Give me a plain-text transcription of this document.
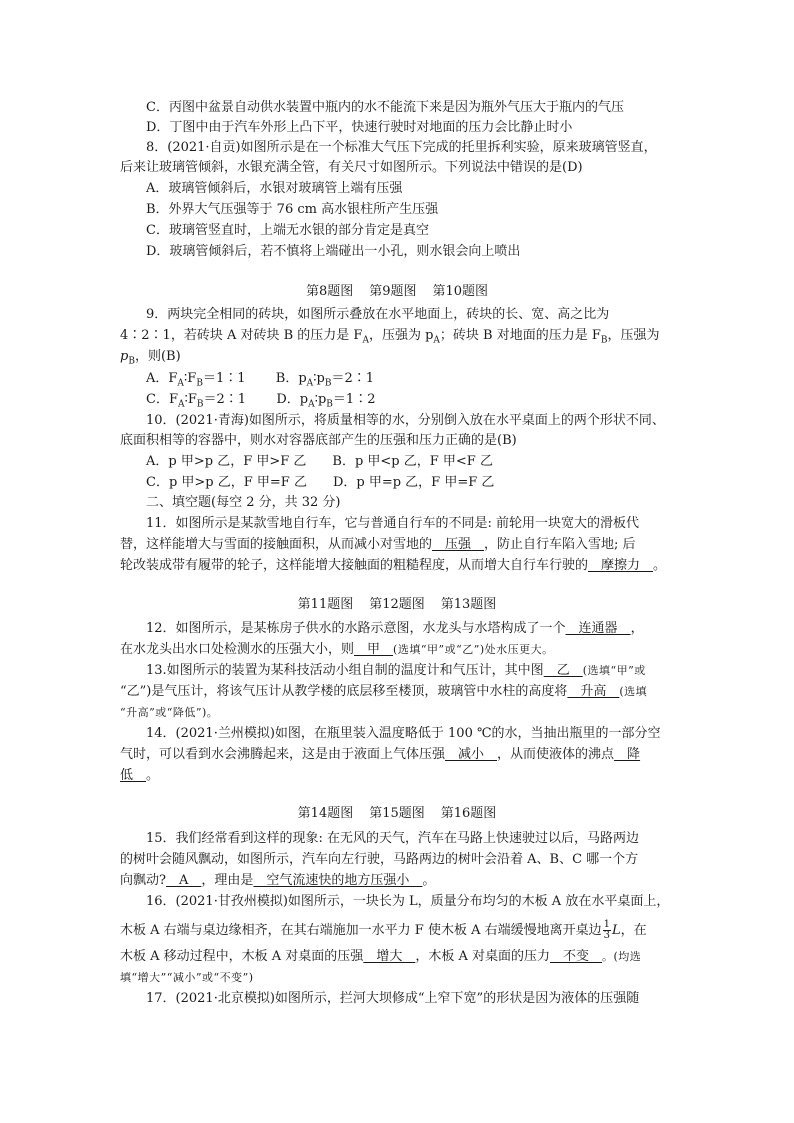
C．丙图中盆景自动供水装置中瓶内的水不能流下来是因为瓶外气压大于瓶内的气压
D．丁图中由于汽车外形上凸下平，快速行驶时对地面的压力会比静止时小
8．(2021·自贡)如图所示是在一个标准大气压下完成的托里拆利实验，原来玻璃管竖直，
后来让玻璃管倾斜，水银充满全管，有关尺寸如图所示。下列说法中错误的是(D)
A．玻璃管倾斜后，水银对玻璃管上端有压强
B．外界大气压强等于 76 cm 高水银柱所产生压强
C．玻璃管竖直时，上端无水银的部分肯定是真空
D．玻璃管倾斜后，若不慎将上端碰出一小孔，则水银会向上喷出
第8题图 第9题图 第10题图
9．两块完全相同的砖块，如图所示叠放在水平地面上，砖块的长、宽、高之比为
4∶2∶1，若砖块 A 对砖块 B 的压力是 $F_A$，压强为 $p_A$；砖块 B 对地面的压力是 $F_B$，压强为
$p_B$，则(B)
A．$F_A∶F_B=1∶1$ B．$p_A∶p_B=2∶1$
C．$F_A∶F_B=2∶1$ D．$p_A∶p_B=1∶2$
10．(2021·青海)如图所示，将质量相等的水，分别倒入放在水平桌面上的两个形状不同、
底面积相等的容器中，则水对容器底部产生的压强和压力正确的是(B)
A．p 甲>p 乙，F 甲>F 乙 B．p 甲<p 乙，F 甲<F 乙
C．p 甲>p 乙，F 甲=F 乙 D．p 甲=p 乙，F 甲=F 乙
二、填空题(每空 2 分，共 32 分)
11．如图所示是某款雪地自行车，它与普通自行车的不同是: 前轮用一块宽大的滑板代
替，这样能增大与雪面的接触面积，从而减小对雪地的　压强　，防止自行车陷入雪地; 后
轮改装成带有履带的轮子，这样能增大接触面的粗糙程度，从而增大自行车行驶的　摩擦力　。
第11题图 第12题图 第13题图
12．如图所示，是某栋房子供水的水路示意图，水龙头与水塔构成了一个　连通器　，
在水龙头出水口处检测水的压强大小，则　甲　(选填“甲”或“乙”)处水压更大。
13.如图所示的装置为某科技活动小组自制的温度计和气压计，其中图　乙　(选填“甲”或
“乙”)是气压计，将该气压计从教学楼的底层移至楼顶，玻璃管中水柱的高度将　升高　(选填
“升高”或“降低”)。
14．(2021·兰州模拟)如图，在瓶里装入温度略低于 100 ℃的水，当抽出瓶里的一部分空
气时，可以看到水会沸腾起来，这是由于液面上气体压强　减小　，从而使液体的沸点　降
低　。
第14题图 第15题图 第16题图
15．我们经常看到这样的现象: 在无风的天气，汽车在马路上快速驶过以后，马路两边
的树叶会随风飘动，如图所示，汽车向左行驶，马路两边的树叶会沿着 A、B、C 哪一个方
向飘动?　A　，理由是　空气流速快的地方压强小　。
16．(2021·甘孜州模拟)如图所示，一块长为 L，质量分布均匀的木板 A 放在水平桌面上，
木板 A 右端与桌边缘相齐，在其右端施加一水平力 F 使木板 A 右端缓慢地离开桌边 $\frac{1}{3}$ L，在
木板 A 移动过程中，木板 A 对桌面的压强　增大　，木板 A 对桌面的压力　不变　。(均选
填“增大”“减小”或“不变”)
17．(2021·北京模拟)如图所示，拦河大坝修成“上窄下宽”的形状是因为液体的压强随
